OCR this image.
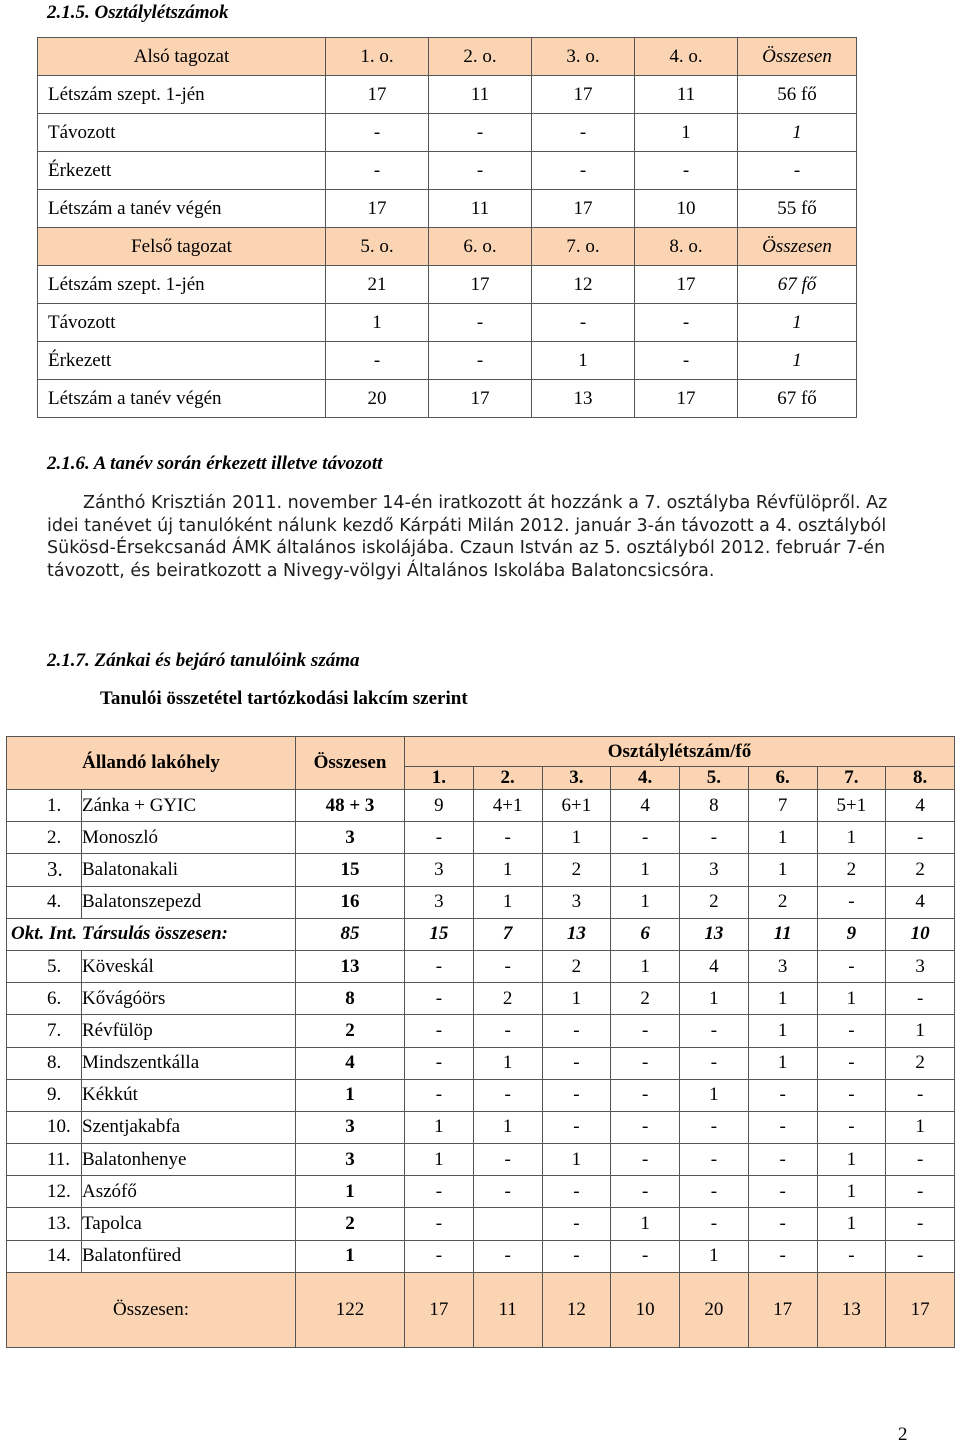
2.1.5. Osztálylétszámok
Alsó tagozat	1. o.	2. o.	3. o.	4. o.	Összesen
Létszám szept. 1-jén	17	11	17	11	56 fő
Távozott	-	-	-	1	1
Érkezett	-	-	-	-	-
Létszám a tanév végén	17	11	17	10	55 fő
Felső tagozat	5. o.	6. o.	7. o.	8. o.	Összesen
Létszám szept. 1-jén	21	17	12	17	67 fő
Távozott	1	-	-	-	1
Érkezett	-	-	1	-	1
Létszám a tanév végén	20	17	13	17	67 fő
2.1.6. A tanév során érkezett illetve távozott

Zánthó Krisztián 2011. november 14-én iratkozott át hozzánk a 7. osztályba Révfülöpről. Az idei tanévet új tanulóként nálunk kezdő Kárpáti Milán 2012. január 3-án távozott a 4. osztályból Sükösd-Érsekcsanád ÁMK általános iskolájába. Czaun István az 5. osztályból 2012. február 7-én távozott, és beiratkozott a Nivegy-völgyi Általános Iskolába Balatoncsicsóra.

2.1.7. Zánkai és bejáró tanulóink száma
Tanulói összetétel tartózkodási lakcím szerint
Állandó lakóhely		Összesen	Osztálylétszám/fő							
			1.	2.	3.	4.	5.	6.	7.	8.
1.	Zánka + GYIC	48 + 3	9	4+1	6+1	4	8	7	5+1	4
2.	Monoszló	3	-	-	1	-	-	1	1	-
3.	Balatonakali	15	3	1	2	1	3	1	2	2
4.	Balatonszepezd	16	3	1	3	1	2	2	-	4
Okt. Int. Társulás összesen:		85	15	7	13	6	13	11	9	10
5.	Köveskál	13	-	-	2	1	4	3	-	3
6.	Kővágóörs	8	-	2	1	2	1	1	1	-
7.	Révfülöp	2	-	-	-	-	-	1	-	1
8.	Mindszentkálla	4	-	1	-	-	-	1	-	2
9.	Kékkút	1	-	-	-	-	1	-	-	-
10.	Szentjakabfa	3	1	1	-	-	-	-	-	1
11.	Balatonhenye	3	1	-	1	-	-	-	1	-
12.	Aszófő	1	-	-	-	-	-	-	1	-
13.	Tapolca	2	-		-	1	-	-	1	-
14.	Balatonfüred	1	-	-	-	-	1	-	-	-
Összesen:		122	17	11	12	10	20	17	13	17
2
